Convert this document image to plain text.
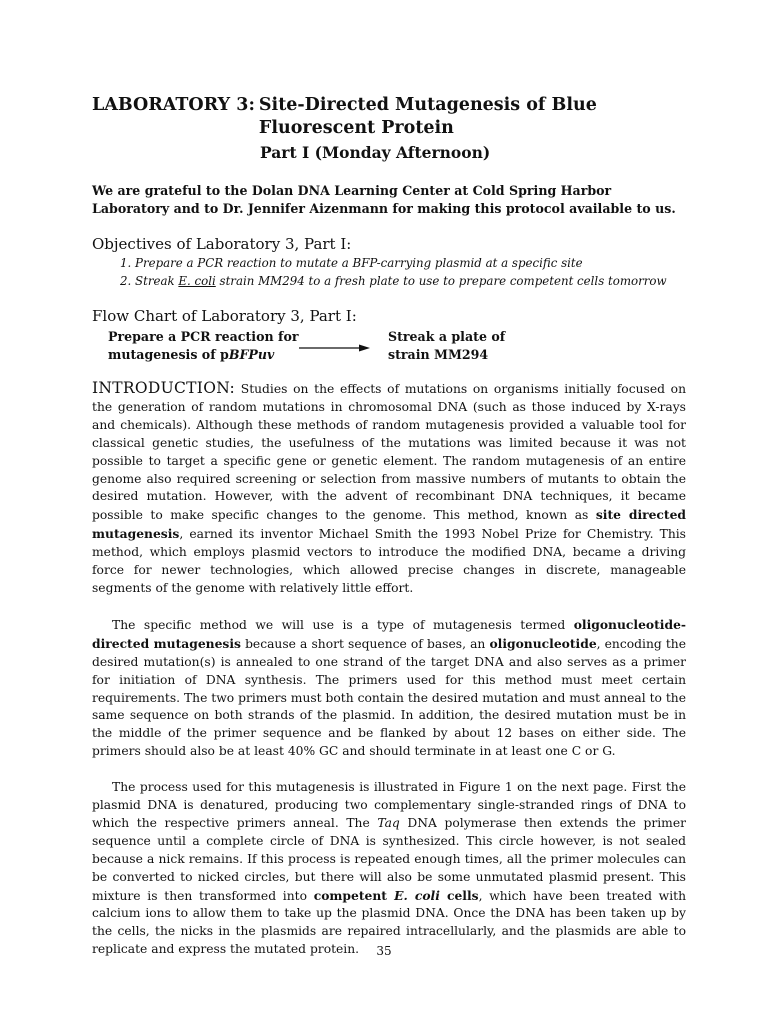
LABORATORY 3: Site-Directed Mutagenesis of Blue Fluorescent Protein
Part I (Monday Afternoon)

We are grateful to the Dolan DNA Learning Center at Cold Spring Harbor Laboratory and to Dr. Jennifer Aizenmann for making this protocol available to us.

Objectives of Laboratory 3, Part I:
1. Prepare a PCR reaction to mutate a BFP-carrying plasmid at a specific site
2. Streak E. coli strain MM294 to a fresh plate to use to prepare competent cells tomorrow
Flow Chart of Laboratory 3, Part I:
Prepare a PCR reaction for
mutagenesis of pBFPuv
Streak a plate of
strain MM294

INTRODUCTION: Studies on the effects of mutations on organisms initially focused on the generation of random mutations in chromosomal DNA (such as those induced by X-rays and chemicals). Although these methods of random mutagenesis provided a valuable tool for classical genetic studies, the usefulness of the mutations was limited because it was not possible to target a specific gene or genetic element. The random mutagenesis of an entire genome also required screening or selection from massive numbers of mutants to obtain the desired mutation. However, with the advent of recombinant DNA techniques, it became possible to make specific changes to the genome. This method, known as site directed mutagenesis, earned its inventor Michael Smith the 1993 Nobel Prize for Chemistry. This method, which employs plasmid vectors to introduce the modified DNA, became a driving force for newer technologies, which allowed precise changes in discrete, manageable segments of the genome with relatively little effort.

The specific method we will use is a type of mutagenesis termed oligonucleotide-directed mutagenesis because a short sequence of bases, an oligonucleotide, encoding the desired mutation(s) is annealed to one strand of the target DNA and also serves as a primer for initiation of DNA synthesis. The primers used for this method must meet certain requirements. The two primers must both contain the desired mutation and must anneal to the same sequence on both strands of the plasmid. In addition, the desired mutation must be in the middle of the primer sequence and be flanked by about 12 bases on either side. The primers should also be at least 40% GC and should terminate in at least one C or G.

The process used for this mutagenesis is illustrated in Figure 1 on the next page. First the plasmid DNA is denatured, producing two complementary single-stranded rings of DNA to which the respective primers anneal. The Taq DNA polymerase then extends the primer sequence until a complete circle of DNA is synthesized. This circle however, is not sealed because a nick remains. If this process is repeated enough times, all the primer molecules can be converted to nicked circles, but there will also be some unmutated plasmid present. This mixture is then transformed into competent E. coli cells, which have been treated with calcium ions to allow them to take up the plasmid DNA. Once the DNA has been taken up by the cells, the nicks in the plasmids are repaired intracellularly, and the plasmids are able to replicate and express the mutated protein.	35
